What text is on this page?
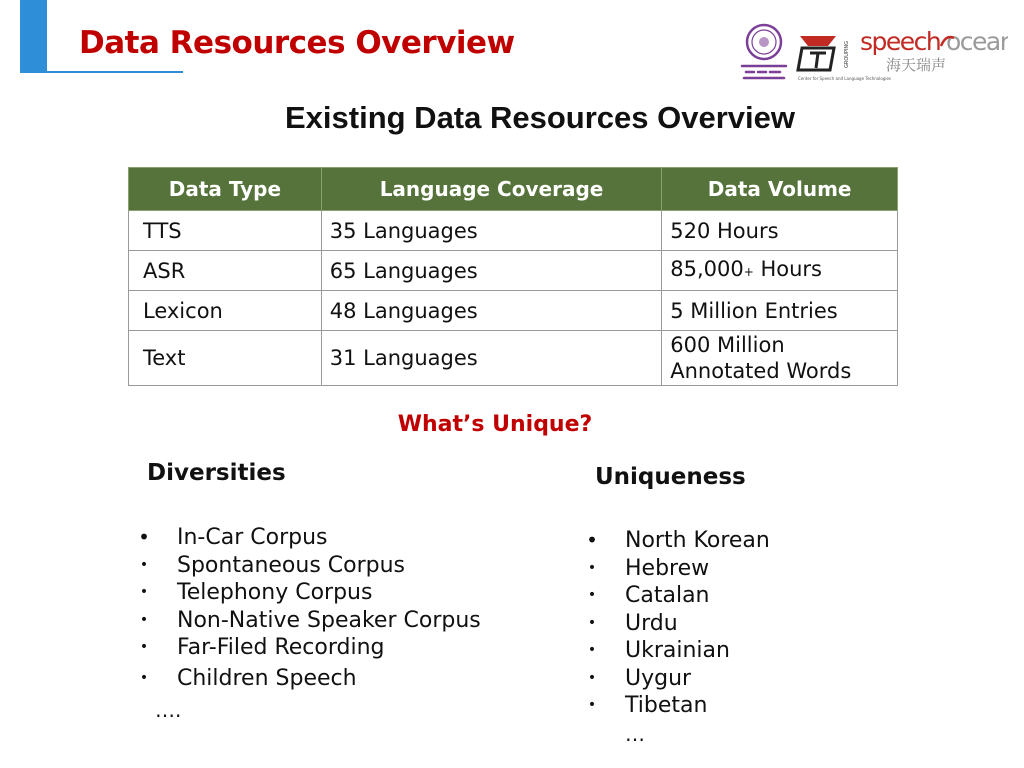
Data Resources Overview
Center for Speech and Language Technologies
GROUPING speech ocean
海天瑞声
Existing Data Resources Overview
Data Type	Language Coverage	Data Volume
TTS	35 Languages	520 Hours
ASR	65 Languages	85,000+ Hours
Lexicon	48 Languages	5 Million Entries
Text	31 Languages	600 Million
Annotated Words
What’s Unique?
Diversities	Uniqueness
• In-Car Corpus
• Spontaneous Corpus
• Telephony Corpus
• Non-Native Speaker Corpus
• Far-Filed Recording
• Children Speech
….
• North Korean
• Hebrew
• Catalan
• Urdu
• Ukrainian
• Uygur
• Tibetan
…
